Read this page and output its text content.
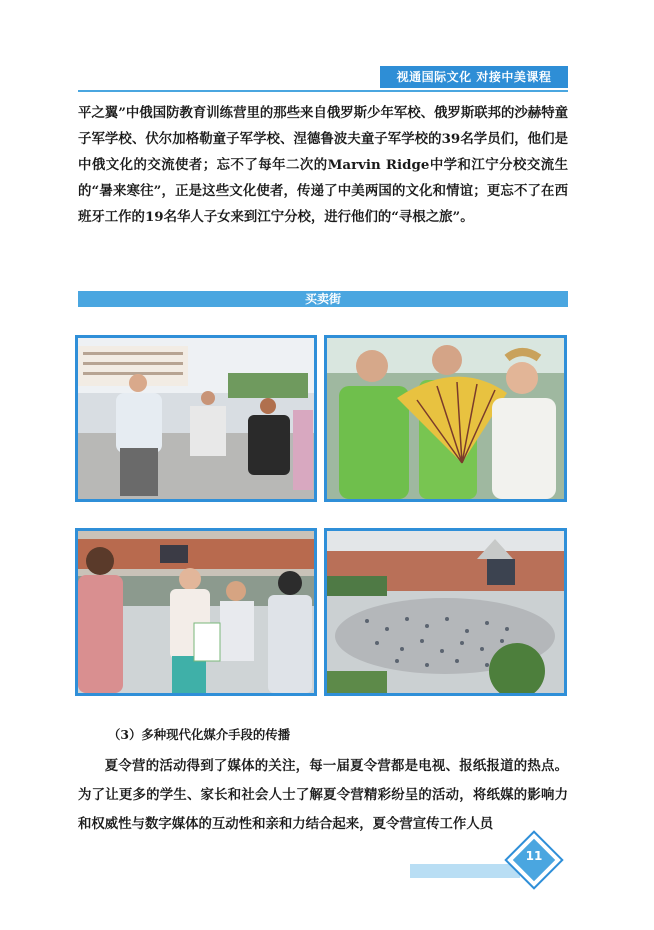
视通国际文化 对接中美课程
平之翼”中俄国防教育训练营里的那些来自俄罗斯少年军校、俄罗斯联邦的沙赫特童子军学校、伏尔加格勒童子军学校、涅德鲁波夫童子军学校的39名学员们，他们是中俄文化的交流使者；忘不了每年二次的Marvin Ridge中学和江宁分校交流生的“暑来寒往”，正是这些文化使者，传递了中美两国的文化和情谊；更忘不了在西班牙工作的19名华人子女来到江宁分校，进行他们的“寻根之旅”。
买卖街
（3）多种现代化媒介手段的传播
夏令营的活动得到了媒体的关注，每一届夏令营都是电视、报纸报道的热点。为了让更多的学生、家长和社会人士了解夏令营精彩纷呈的活动，将纸媒的影响力和权威性与数字媒体的互动性和亲和力结合起来，夏令营宣传工作人员
11
